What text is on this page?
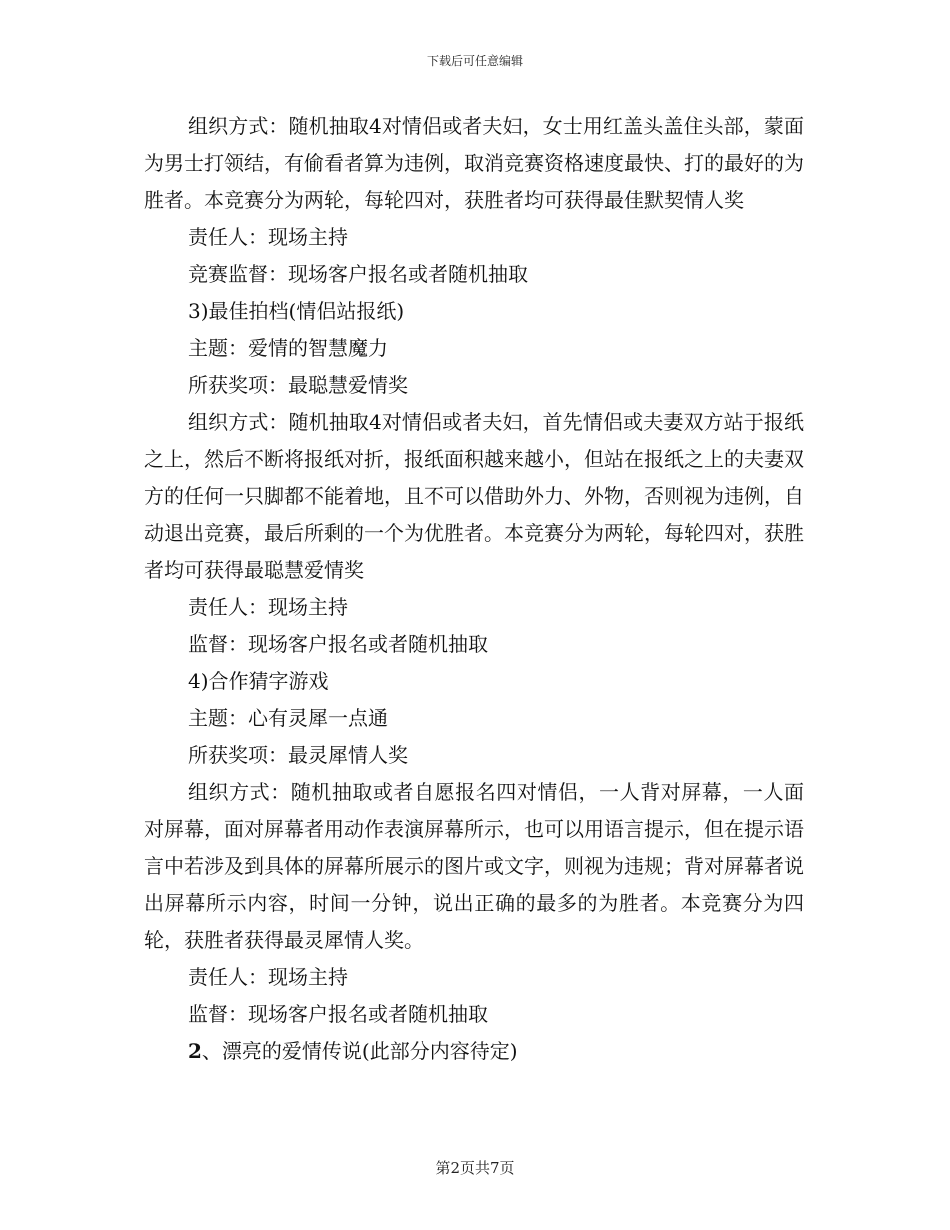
下载后可任意编辑

组织方式：随机抽取4对情侣或者夫妇，女士用红盖头盖住头部，蒙面为男士打领结，有偷看者算为违例，取消竞赛资格速度最快、打的最好的为胜者。本竞赛分为两轮，每轮四对，获胜者均可获得最佳默契情人奖

责任人：现场主持

竞赛监督：现场客户报名或者随机抽取

3)最佳拍档(情侣站报纸)

主题：爱情的智慧魔力

所获奖项：最聪慧爱情奖

组织方式：随机抽取4对情侣或者夫妇，首先情侣或夫妻双方站于报纸之上，然后不断将报纸对折，报纸面积越来越小，但站在报纸之上的夫妻双方的任何一只脚都不能着地，且不可以借助外力、外物，否则视为违例，自动退出竞赛，最后所剩的一个为优胜者。本竞赛分为两轮，每轮四对，获胜者均可获得最聪慧爱情奖

责任人：现场主持

监督：现场客户报名或者随机抽取

4)合作猜字游戏

主题：心有灵犀一点通

所获奖项：最灵犀情人奖

组织方式：随机抽取或者自愿报名四对情侣，一人背对屏幕，一人面对屏幕，面对屏幕者用动作表演屏幕所示，也可以用语言提示，但在提示语言中若涉及到具体的屏幕所展示的图片或文字，则视为违规；背对屏幕者说出屏幕所示内容，时间一分钟，说出正确的最多的为胜者。本竞赛分为四轮，获胜者获得最灵犀情人奖。

责任人：现场主持

监督：现场客户报名或者随机抽取

2、漂亮的爱情传说(此部分内容待定)

第2页共7页
